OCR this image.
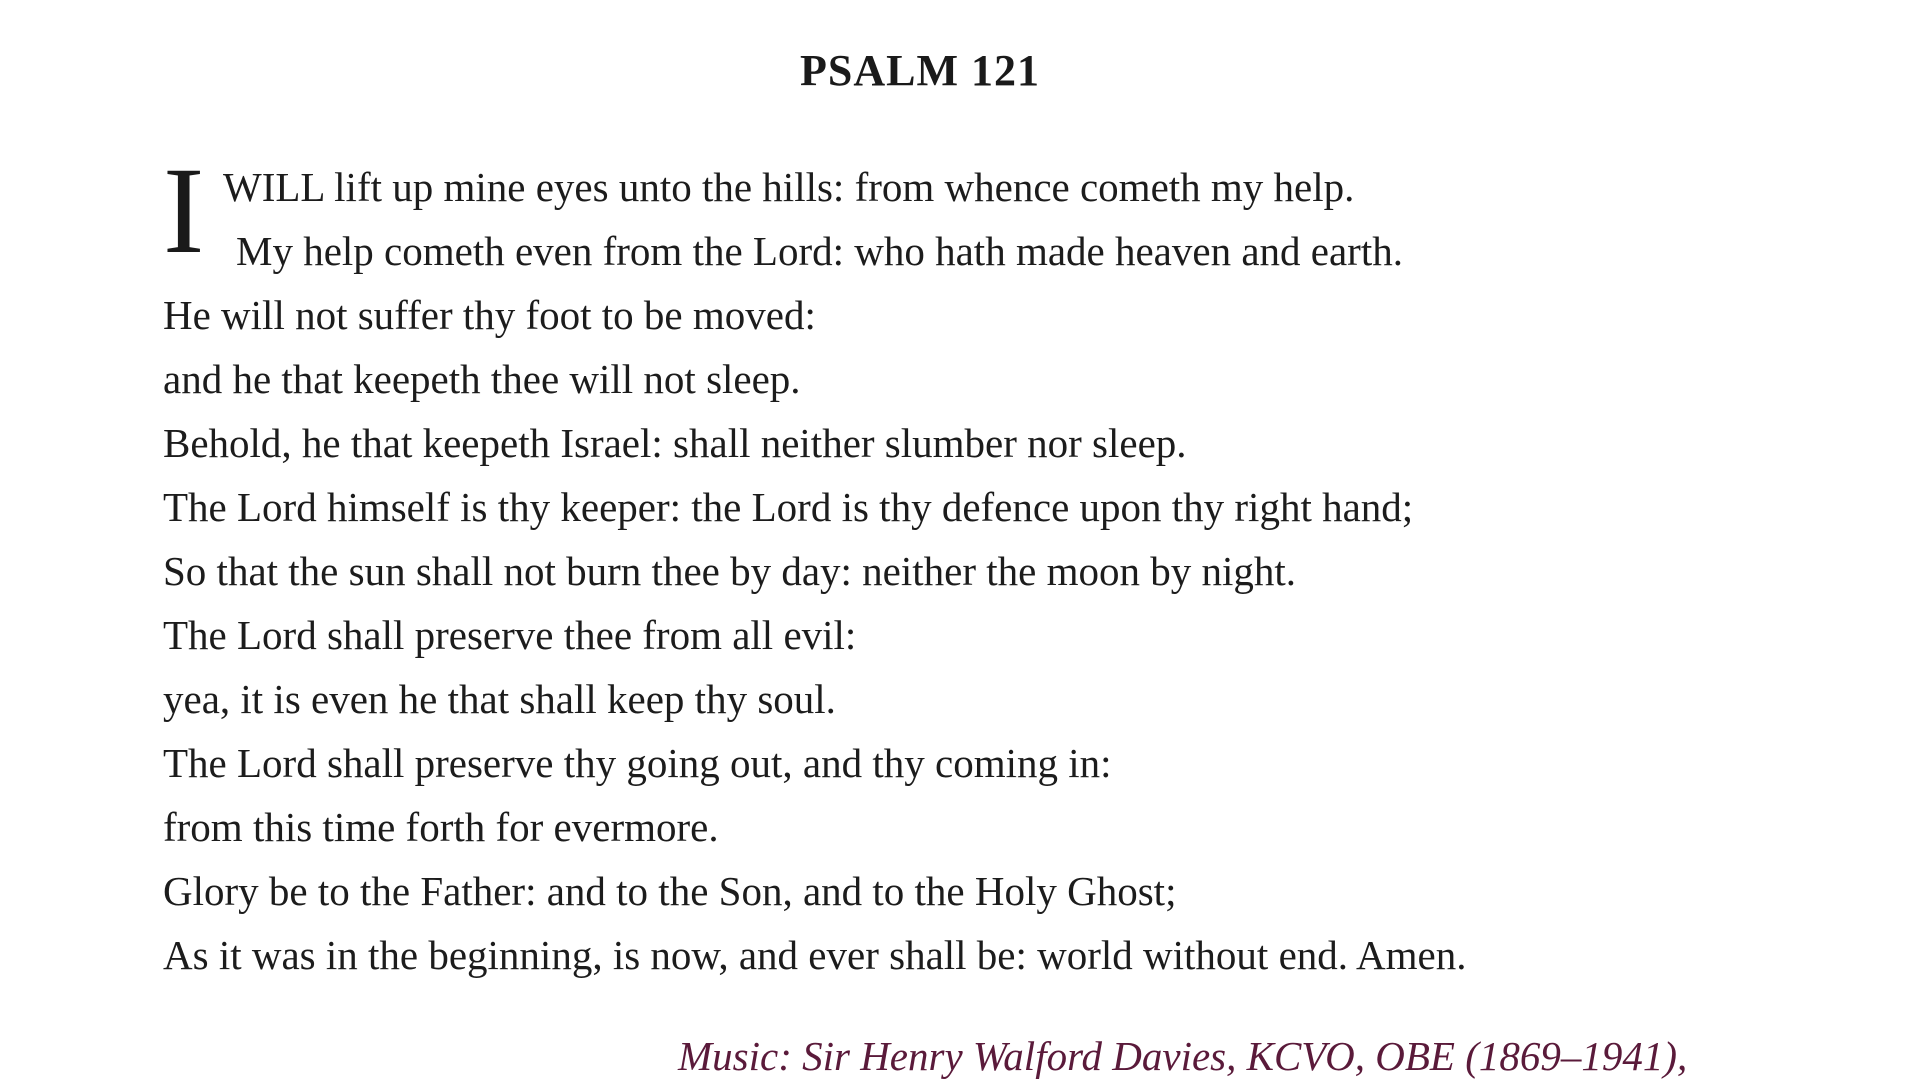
PSALM 121
I WILL lift up mine eyes unto the hills: from whence cometh my help.
My help cometh even from the Lord: who hath made heaven and earth.
He will not suffer thy foot to be moved:
and he that keepeth thee will not sleep.
Behold, he that keepeth Israel: shall neither slumber nor sleep.
The Lord himself is thy keeper: the Lord is thy defence upon thy right hand;
So that the sun shall not burn thee by day: neither the moon by night.
The Lord shall preserve thee from all evil:
yea, it is even he that shall keep thy soul.
The Lord shall preserve thy going out, and thy coming in:
from this time forth for evermore.
Glory be to the Father: and to the Son, and to the Holy Ghost;
As it was in the beginning, is now, and ever shall be: world without end. Amen.
Music: Sir Henry Walford Davies, KCVO, OBE (1869–1941),
